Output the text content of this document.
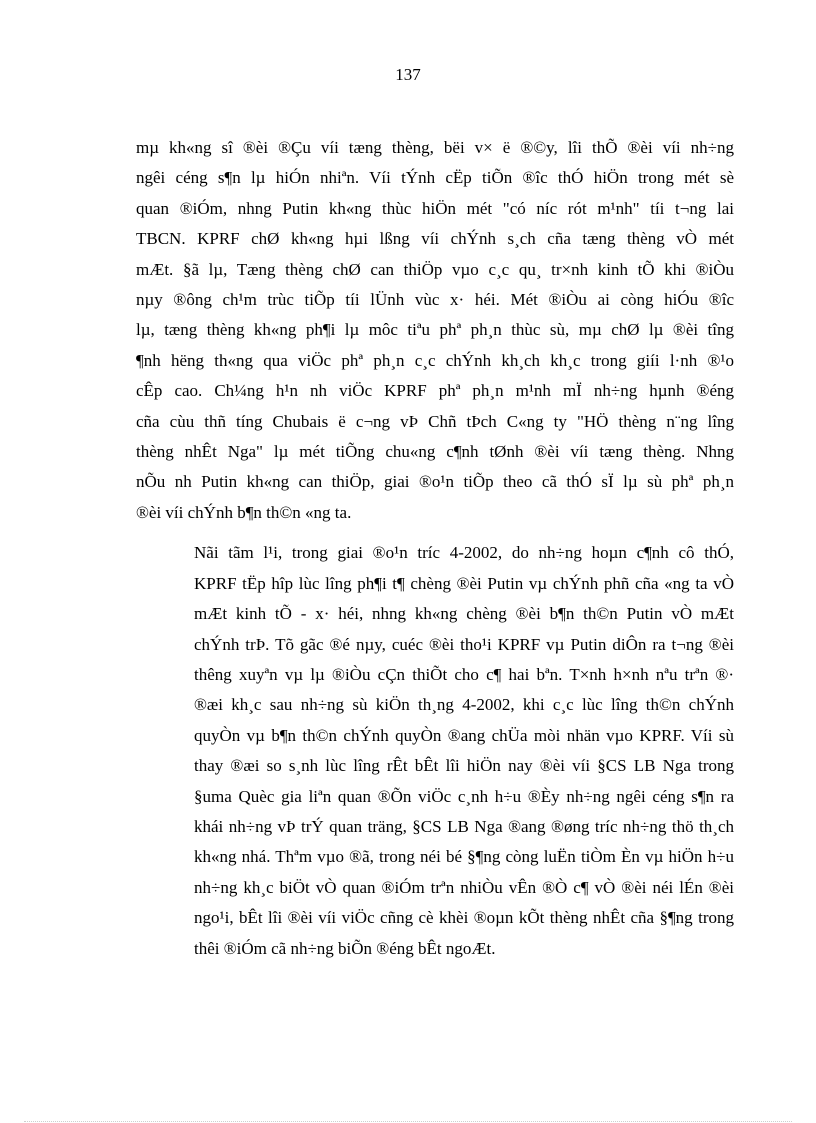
137

mµ kh«ng sî ®èi ®Çu víi tæng thèng, bëi v× ë ®©y, lîi thÕ ®èi víi nh÷ng
ngêi céng s¶n lµ hiÓn nhiªn. Víi tÝnh cËp tiÕn ®îc thÓ hiÖn trong mét sè
quan ®iÓm, nhng Putin kh«ng thùc hiÖn mét "có níc rót m¹nh" tíi t¬ng lai
TBCN. KPRF chØ kh«ng hµi lßng víi chÝnh s¸ch cña tæng thèng vÒ mét
mÆt. §ã lµ, Tæng thèng chØ can thiÖp vµo c¸c qu¸ tr×nh kinh tÕ khi ®iÒu
nµy ®ông ch¹m trùc tiÕp tíi lÜnh vùc x· héi. Mét ®iÒu ai còng hiÓu ®îc
lµ, tæng thèng kh«ng ph¶i lµ môc tiªu phª ph¸n thùc sù, mµ chØ lµ ®èi tîng
¶nh hëng th«ng qua viÖc phª ph¸n c¸c chÝnh kh¸ch kh¸c trong giíi l·nh ®¹o
cÊp cao. Ch¼ng h¹n nh viÖc KPRF phª ph¸n m¹nh mÏ nh÷ng hµnh ®éng
cña cùu thñ tíng Chubais ë c¬ng vÞ Chñ tÞch C«ng ty "HÖ thèng n¨ng lîng
thèng nhÊt Nga" lµ mét tiÕng chu«ng c¶nh tØnh ®èi víi tæng thèng. Nhng
nÕu nh Putin kh«ng can thiÖp, giai ®o¹n tiÕp theo cã thÓ sÏ lµ sù phª ph¸n
®èi víi chÝnh b¶n th©n «ng ta.

Nãi tãm l¹i, trong giai ®o¹n tríc 4-2002, do nh÷ng hoµn c¶nh cô thÓ,
KPRF tËp hîp lùc lîng ph¶i t¶ chèng ®èi Putin vµ chÝnh phñ cña «ng ta vÒ
mÆt kinh tÕ - x· héi, nhng kh«ng chèng ®èi b¶n th©n Putin vÒ mÆt
chÝnh trÞ. Tõ gãc ®é nµy, cuéc ®èi tho¹i KPRF vµ Putin diÔn ra t¬ng ®èi
thêng xuyªn vµ lµ ®iÒu cÇn thiÕt cho c¶ hai bªn. T×nh h×nh nªu trªn ®·
®æi kh¸c sau nh÷ng sù kiÖn th¸ng 4-2002, khi c¸c lùc lîng th©n chÝnh
quyÒn vµ b¶n th©n chÝnh quyÒn ®ang chÜa mòi nhän vµo KPRF. Víi sù
thay ®æi so s¸nh lùc lîng rÊt bÊt lîi hiÖn nay ®èi víi §CS LB Nga trong
§uma Quèc gia liªn quan ®Õn viÖc c¸nh h÷u ®Èy nh÷ng ngêi céng s¶n ra
khái nh÷ng vÞ trÝ quan träng, §CS LB Nga ®ang ®øng tríc nh÷ng thö th¸ch
kh«ng nhá. Thªm vµo ®ã, trong néi bé §¶ng còng luËn tiÒm Èn vµ hiÖn h÷u
nh÷ng kh¸c biÖt vÒ quan ®iÓm trªn nhiÒu vÊn ®Ò c¶ vÒ ®èi néi lÉn ®èi
ngo¹i, bÊt lîi ®èi víi viÖc cñng cè khèi ®oµn kÕt thèng nhÊt cña §¶ng trong
thêi ®iÓm cã nh÷ng biÕn ®éng bÊt ngoÆt.
